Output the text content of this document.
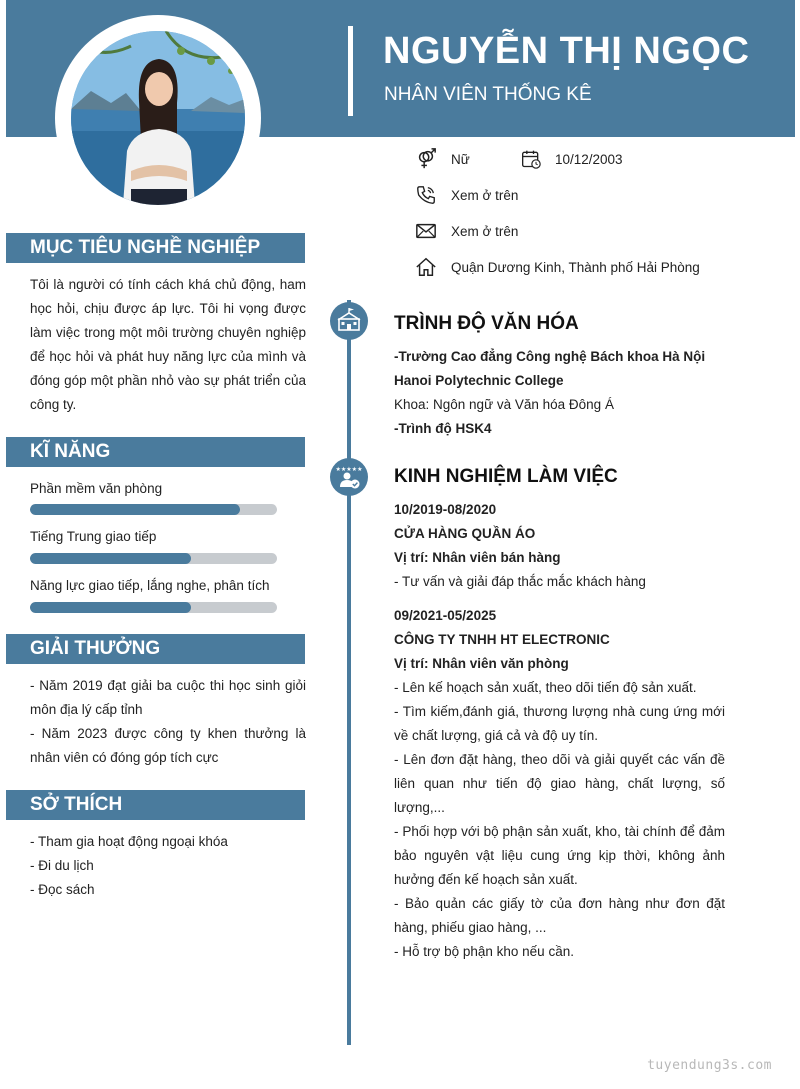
NGUYỄN THỊ NGỌC
NHÂN VIÊN THỐNG KÊ
Nữ	10/12/2003
Xem ở trên
Xem ở trên
Quận Dương Kinh, Thành phố Hải Phòng
MỤC TIÊU NGHỀ NGHIỆP
Tôi là người có tính cách khá chủ động, ham học hỏi, chịu được áp lực. Tôi hi vọng được làm việc trong một môi trường chuyên nghiệp để học hỏi và phát huy năng lực của mình và đóng góp một phần nhỏ vào sự phát triển của công ty.
KĨ NĂNG
Phần mềm văn phòng
Tiếng Trung giao tiếp
Năng lực giao tiếp, lắng nghe, phân tích
GIẢI THƯỞNG

- Năm 2019 đạt giải ba cuộc thi học sinh giỏi môn địa lý cấp tỉnh

- Năm 2023 được công ty khen thưởng là nhân viên có đóng góp tích cực

SỞ THÍCH

- Tham gia hoạt động ngoại khóa

- Đi du lịch

- Đọc sách

★★★★★
TRÌNH ĐỘ VĂN HÓA

-Trường Cao đẳng Công nghệ Bách khoa Hà Nội

Hanoi Polytechnic College

Khoa: Ngôn ngữ và Văn hóa Đông Á

-Trình độ HSK4

KINH NGHIỆM LÀM VIỆC

10/2019-08/2020

CỬA HÀNG QUẦN ÁO

Vị trí: Nhân viên bán hàng

- Tư vấn và giải đáp thắc mắc khách hàng

09/2021-05/2025

CÔNG TY TNHH HT ELECTRONIC

Vị trí: Nhân viên văn phòng

- Lên kế hoạch sản xuất, theo dõi tiến độ sản xuất.

- Tìm kiếm,đánh giá, thương lượng nhà cung ứng mới về chất lượng, giá cả và độ uy tín.

- Lên đơn đặt hàng, theo dõi và giải quyết các vấn đề liên quan như tiến độ giao hàng, chất lượng, số lượng,...

- Phối hợp với bộ phận sản xuất, kho, tài chính để đảm bảo nguyên vật liệu cung ứng kịp thời, không ảnh hưởng đến kế hoạch sản xuất.

- Bảo quản các giấy tờ của đơn hàng như đơn đặt hàng, phiếu giao hàng, ...

- Hỗ trợ bộ phận kho nếu cần.

tuyendung3s.com
